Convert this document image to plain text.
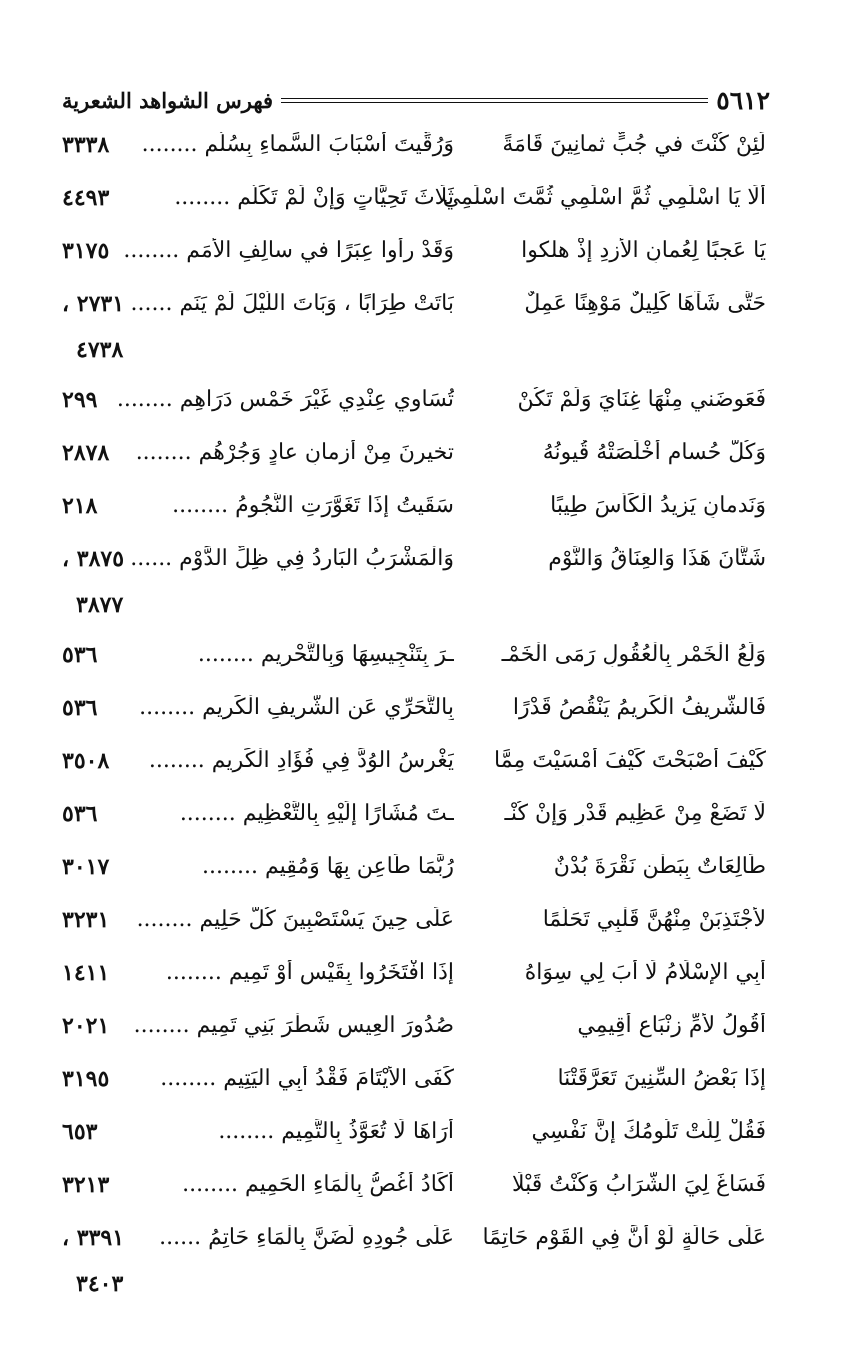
٥٦١٢
فهرس الشواهد الشعرية
لَئِنْ كُنْتَ في جُبٍّ ثمانِينَ قَامَةً
وَرُقِّيتَ أَسْبَابَ السَّماءِ بِسُلَّمِ ........
٣٣٣٨
أَلَا يَا اسْلَمِي ثُمَّ اسْلَمِي ثُمَّتَ اسْلَمِي
ثَلَاثَ تَحِيَّاتٍ وَإِنْ لَمْ تَكَلَّمِ ........
٤٤٩٣
يَا عَجبًا لِعُمانِ الأزدِ إذْ هلكوا
وَقَدْ رأوا عِبَرًا في سالِفِ الأُمَمِ ........
٣١٧٥
حَتَّى شَآهَا كَلِيلٌ مَوْهِنًا عَمِلٌ
بَاتَتْ طِرَابًا ، وَبَاتَ اللَّيْلَ لَمْ يَنَمِ ......
٢٧٣١ ،
٤٧٣٨
فَعَوضَني مِنْهَا غِنَايَ وَلَمْ تَكُنْ
تُسَاوِي عِنْدِي غَيْرَ خَمْسِ دَرَاهِمِ ........
٢٩٩
وَكُلُّ حُسامٍ أَخْلَصَتْهُ قُيونُهُ
تخيرنَ مِنْ أزمانِ عادٍ وَجُرْهُمِ ........
٢٨٧٨
وَنَدمانٍ يَزِيدُ الْكَأْسَ طِيبًا
سَقَيتُ إِذَا تَغَوَّرَتِ النُّجُومُ ........
٢١٨
شَتَّانَ هَذَا وَالعِنَاقُ وَالنَّوْمِ
وَالْمَشْرَبُ البَارِدُ فِي ظِلِّ الدَّوْمِ ......
٣٨٧٥ ،
٣٨٧٧
وَلَعُ الْخَمْرِ بِالْعُقُولِ رَمَى الْخَمْـ
ـرَ بِتَنْجِيسِهَا وَبِالتَّحْرِيمِ ........
٥٣٦
فَالشَّرِيفُ الْكَرِيمُ يَنْقُصُ قَدْرًا
بِالتَّحَرِّي عَنِ الشَّرِيفِ الْكَرِيمِ ........
٥٣٦
كَيْفَ أَصْبَحْتَ كَيْفَ أَمْسَيْتَ مِمَّا
يَغْرِسُ الوُدَّ فِي فُؤَادِ الْكَرِيمِ ........
٣٥٠٨
لَا تَضَعْ مِنْ عَظِيمِ قَدْرٍ وَإِنْ كُنْـ
ـتَ مُشَارًا إِلَيْهِ بِالتَّعْظِيمِ ........
٥٣٦
طَالِعَاتٌ بِبَطْنِ نَقْرَةَ بُدْنٌ
رُبَّمَا طَاعِنٍ بِهَا وَمُقِيمِ ........
٣٠١٧
لأَجْتَذِبَنْ مِنْهُنَّ قَلْبِي تَحَلُّمًا
عَلَى حِينَ يَسْتَصْبِينَ كُلَّ حَلِيمِ ........
٣٢٣١
أَبِي الإِسْلَامُ لَا أَبَ لِي سِوَاهُ
إِذَا افْتَخَرُوا بِقَيْسٍ أَوْ تَمِيمِ ........
١٤١١
أَقُولُ لأُمِّ زِنْبَاعٍ أَقِيمِي
صُدُورَ العِيسِ شَطْرَ بَنِي تَمِيمِ ........
٢٠٢١
إِذَا بَعْضُ السِّنِينَ تَعَرَّقَتْنَا
كَفَى الأَيْتَامَ فَقْدُ أَبِي اليَتِيمِ ........
٣١٩٥
فَقُلْ لِلَّتْ تَلُومُكَ إِنَّ نَفْسِي
أَرَاهَا لَا تُعَوَّذُ بِالتَّمِيمِ ........
٦٥٣
فَسَاغَ لِيَ الشَّرَابُ وَكُنْتُ قَبْلًا
أَكَادُ أَغُصُّ بِالْمَاءِ الحَمِيمِ ........
٣٢١٣
عَلَى حَالَةٍ لَوْ أَنَّ فِي القَوْمِ حَاتِمًا
عَلَى جُودِهِ لَضَنَّ بِالْمَاءِ حَاتِمُ ......
٣٣٩١ ،
٣٤٠٣
